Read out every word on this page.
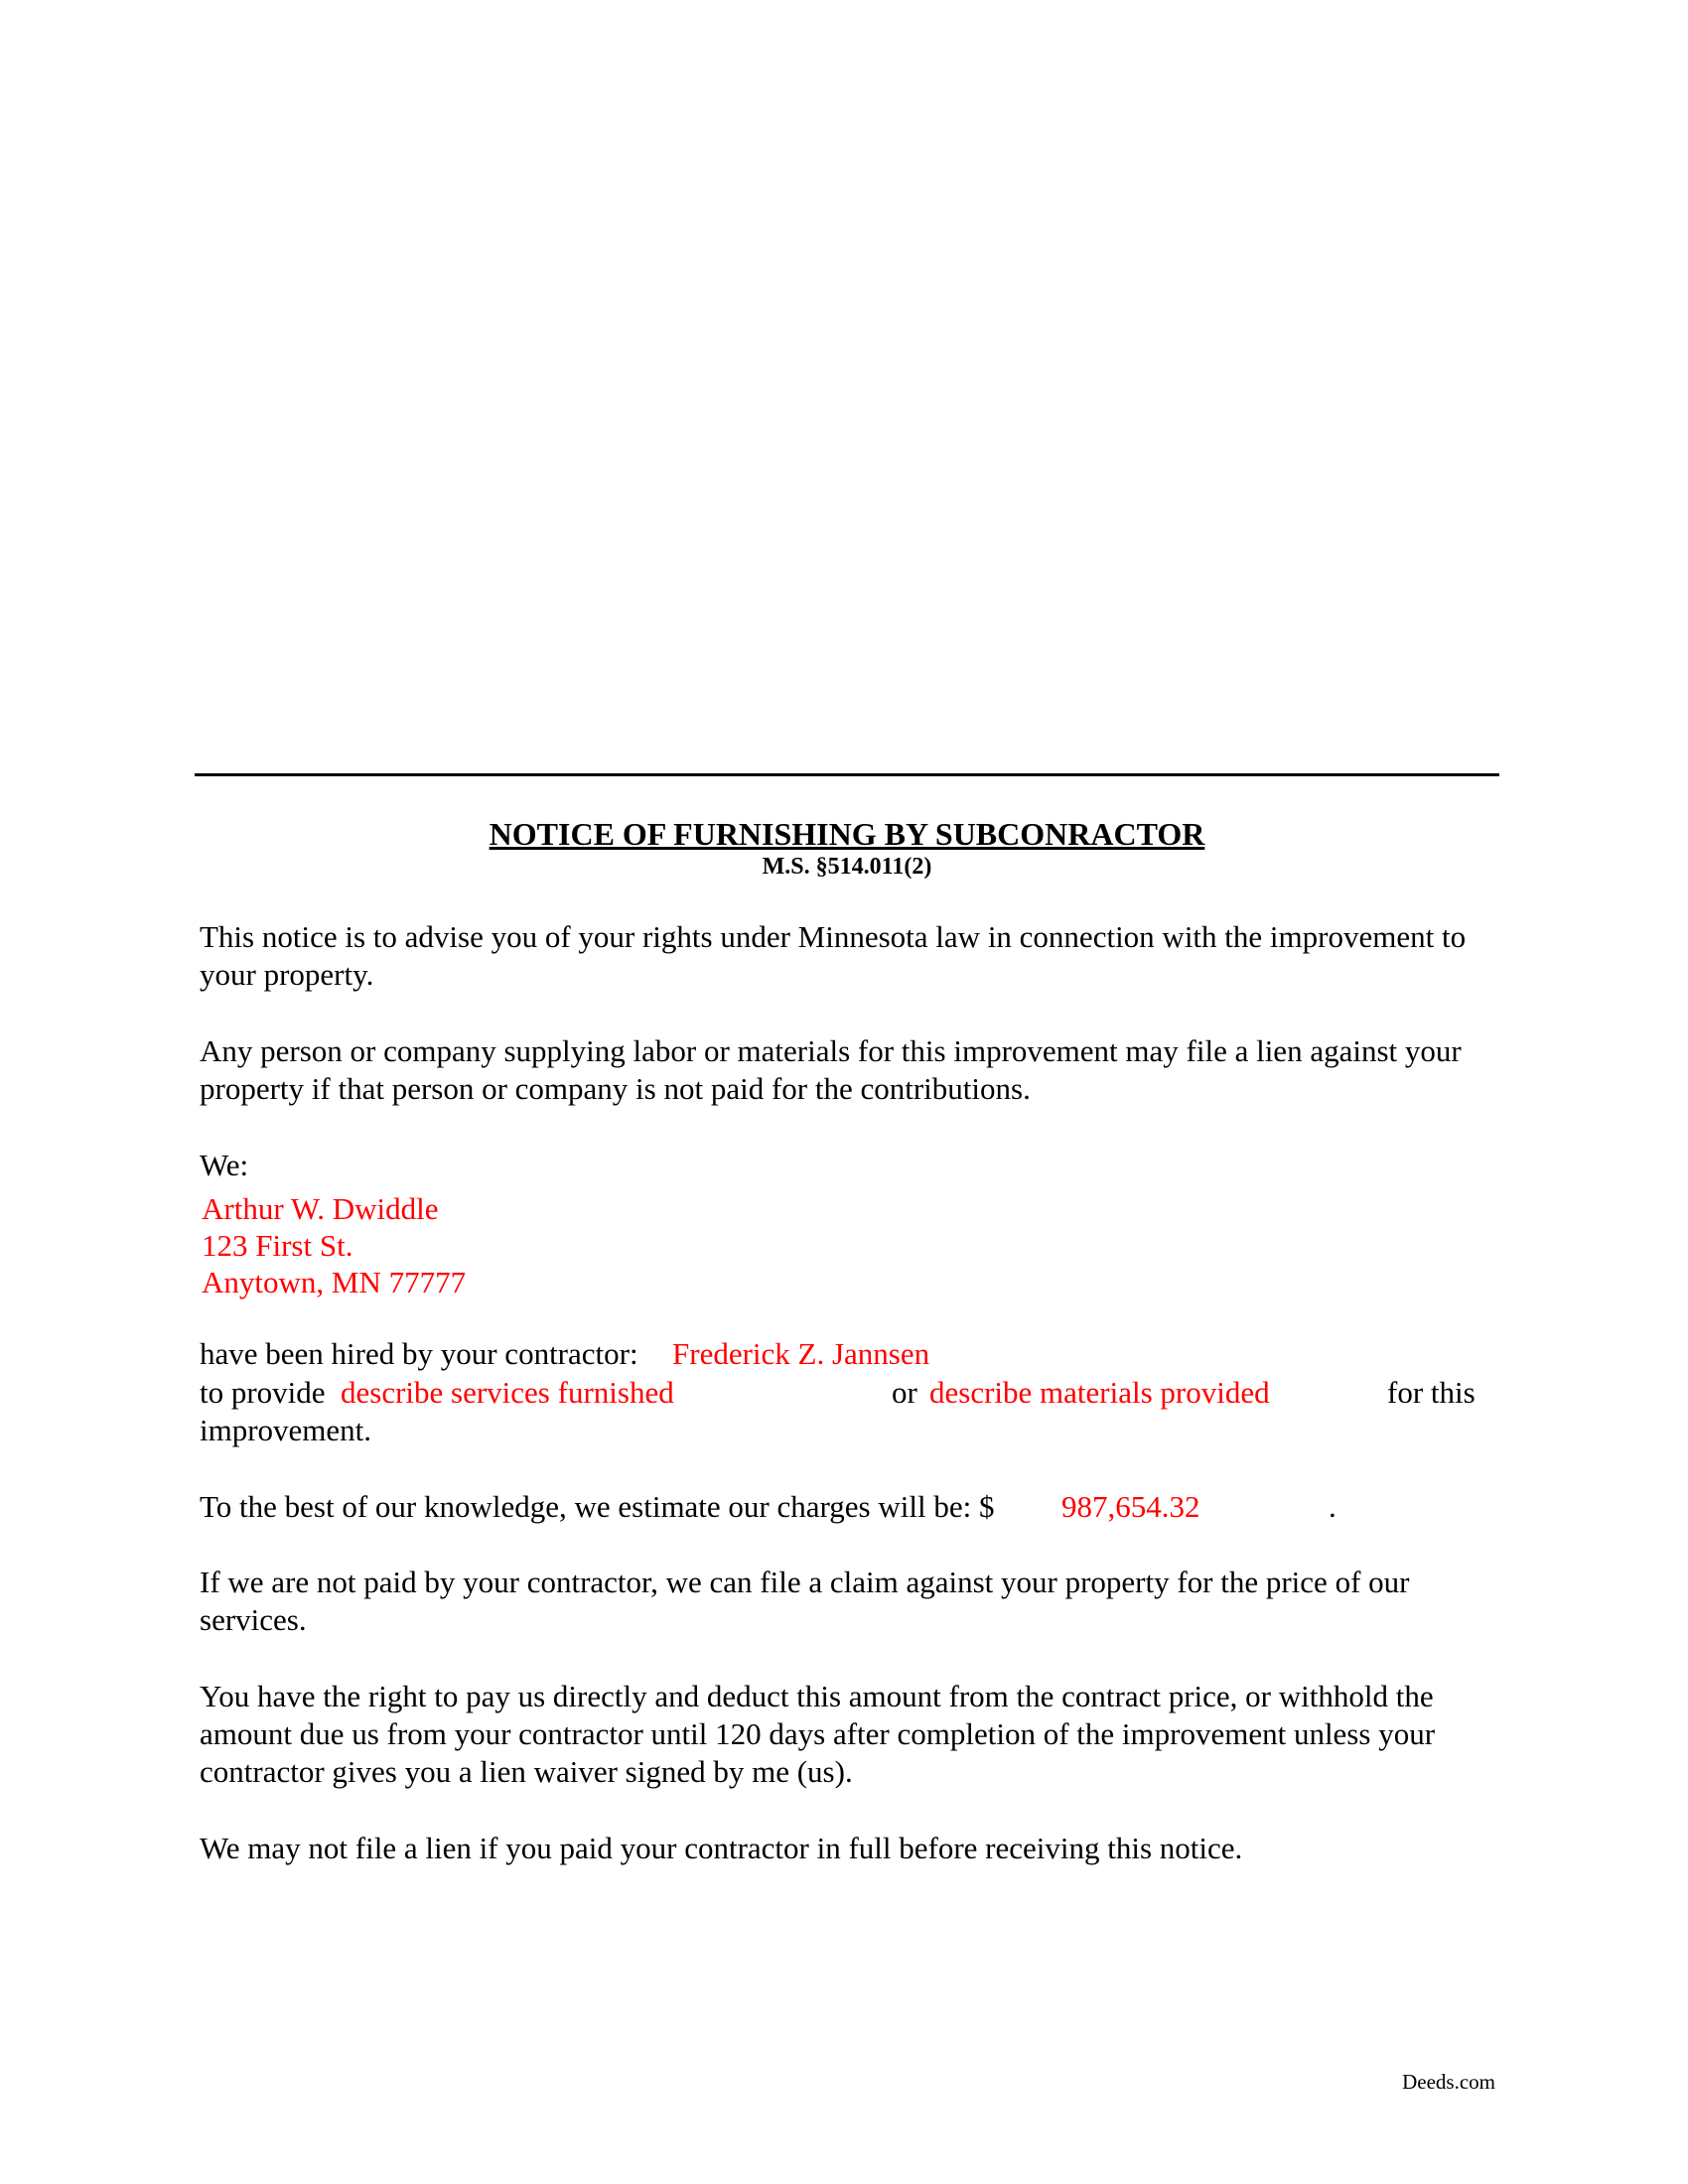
NOTICE OF FURNISHING BY SUBCONRACTOR
M.S. §514.011(2)
This notice is to advise you of your rights under Minnesota law in connection with the improvement to your property.
Any person or company supplying labor or materials for this improvement may file a lien against your property if that person or company is not paid for the contributions.
We:
Arthur W. Dwiddle
123 First St.
Anytown, MN 77777
have been hired by your contractor: Frederick Z. Jannsen
to provide describe services furnished	or describe materials provided	for this
improvement.
To the best of our knowledge, we estimate our charges will be: $ 987,654.32	.
If we are not paid by your contractor, we can file a claim against your property for the price of our services.
You have the right to pay us directly and deduct this amount from the contract price, or withhold the amount due us from your contractor until 120 days after completion of the improvement unless your contractor gives you a lien waiver signed by me (us).
We may not file a lien if you paid your contractor in full before receiving this notice.
Deeds.com
